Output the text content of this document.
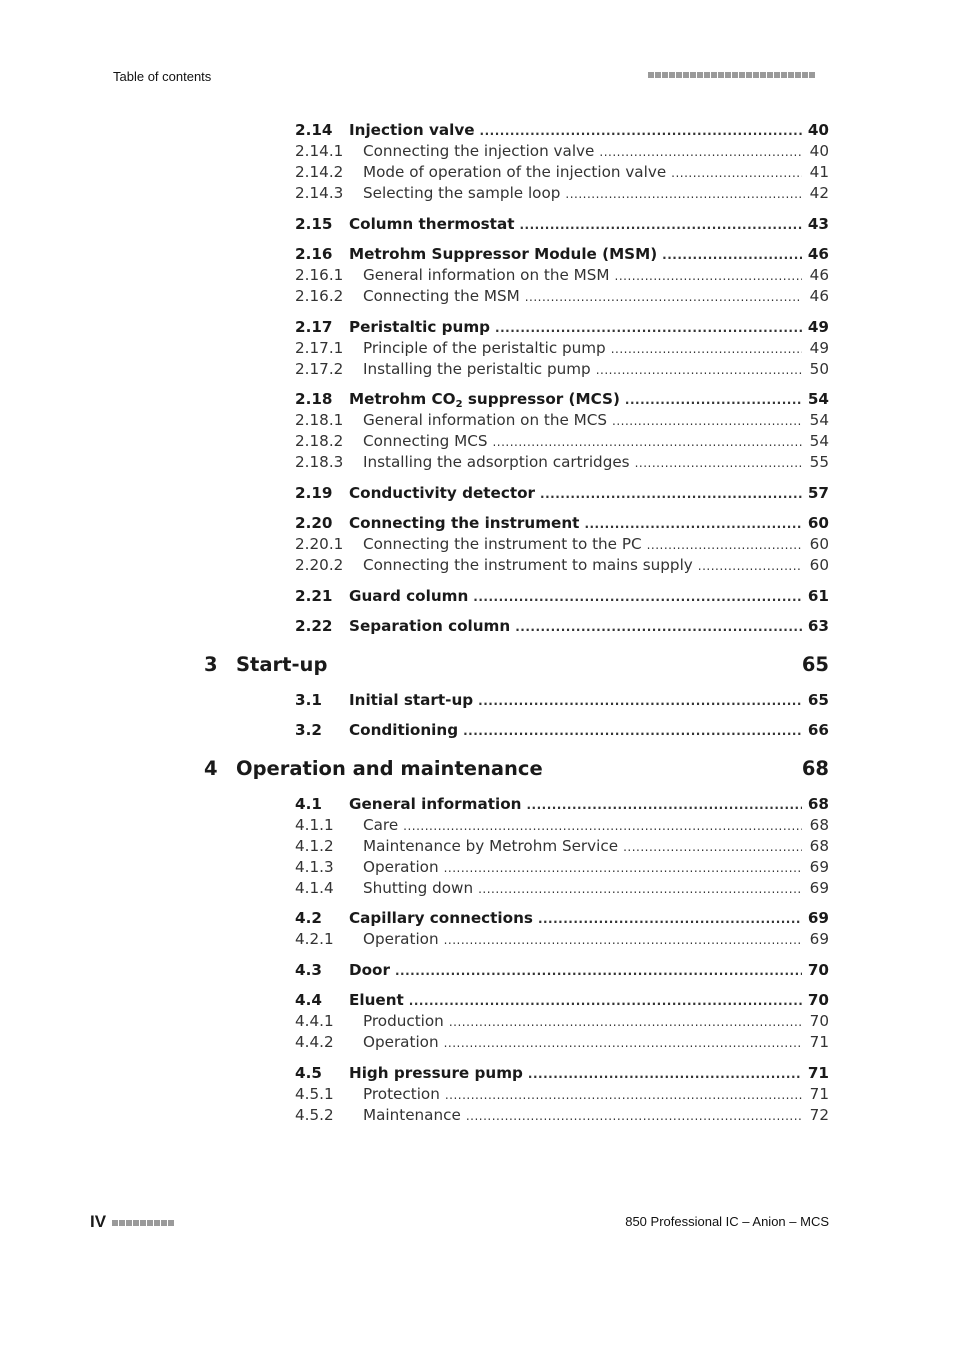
Table of contents
2.14 Injection valve .....	40
2.14.1 Connecting the injection valve .....	40
2.14.2 Mode of operation of the injection valve .....	41
2.14.3 Selecting the sample loop .....	42
2.15 Column thermostat .....	43
2.16 Metrohm Suppressor Module (MSM) .....	46
2.16.1 General information on the MSM .....	46
2.16.2 Connecting the MSM .....	46
2.17 Peristaltic pump .....	49
2.17.1 Principle of the peristaltic pump .....	49
2.17.2 Installing the peristaltic pump .....	50
2.18 Metrohm $CO_2$ suppressor (MCS) .....	54
2.18.1 General information on the MCS .....	54
2.18.2 Connecting MCS .....	54
2.18.3 Installing the adsorption cartridges .....	55
2.19 Conductivity detector .....	57
2.20 Connecting the instrument .....	60
2.20.1 Connecting the instrument to the PC .....	60
2.20.2 Connecting the instrument to mains supply .....	60
2.21 Guard column .....	61
2.22 Separation column .....	63
3 Start-up	65
3.1 Initial start-up .....	65
3.2 Conditioning .....	66
4 Operation and maintenance	68
4.1 General information .....	68
4.1.1 Care .....	68
4.1.2 Maintenance by Metrohm Service .....	68
4.1.3 Operation .....	69
4.1.4 Shutting down .....	69
4.2 Capillary connections .....	69
4.2.1 Operation .....	69
4.3 Door .....	70
4.4 Eluent .....	70
4.4.1 Production .....	70
4.4.2 Operation .....	71
4.5 High pressure pump .....	71
4.5.1 Protection .....	71
4.5.2 Maintenance .....	72
IV	850 Professional IC – Anion – MCS
